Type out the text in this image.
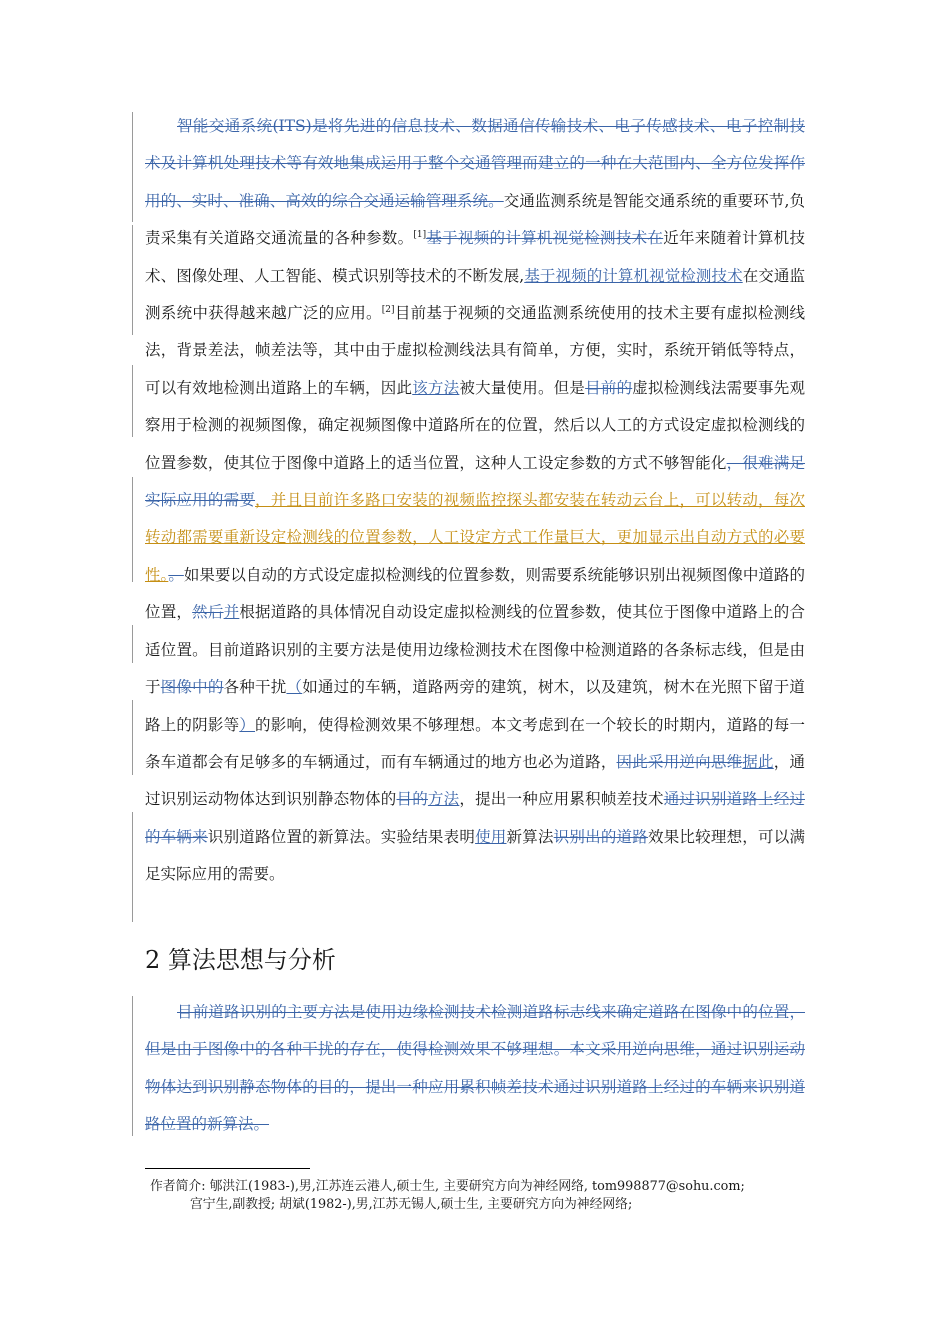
智能交通系统(ITS)是将先进的信息技术、数据通信传输技术、电子传感技术、电子控制技术及计算机处理技术等有效地集成运用于整个交通管理而建立的一种在大范围内、全方位发挥作用的、实时、准确、高效的综合交通运输管理系统。交通监测系统是智能交通系统的重要环节,负责采集有关道路交通流量的各种参数。[1]基于视频的计算机视觉检测技术在近年来随着计算机技术、图像处理、人工智能、模式识别等技术的不断发展,基于视频的计算机视觉检测技术在交通监测系统中获得越来越广泛的应用。[2]目前基于视频的交通监测系统使用的技术主要有虚拟检测线法，背景差法，帧差法等，其中由于虚拟检测线法具有简单，方便，实时，系统开销低等特点，可以有效地检测出道路上的车辆，因此该方法被大量使用。但是目前的虚拟检测线法需要事先观察用于检测的视频图像，确定视频图像中道路所在的位置，然后以人工的方式设定虚拟检测线的位置参数，使其位于图像中道路上的适当位置，这种人工设定参数的方式不够智能化，很难满足实际应用的需要，并且目前许多路口安装的视频监控探头都安装在转动云台上，可以转动，每次转动都需要重新设定检测线的位置参数，人工设定方式工作量巨大，更加显示出自动方式的必要性。。如果要以自动的方式设定虚拟检测线的位置参数，则需要系统能够识别出视频图像中道路的位置，然后并根据道路的具体情况自动设定虚拟检测线的位置参数，使其位于图像中道路上的合适位置。目前道路识别的主要方法是使用边缘检测技术在图像中检测道路的各条标志线，但是由于图像中的各种干扰（如通过的车辆，道路两旁的建筑，树木，以及建筑，树木在光照下留于道路上的阴影等）的影响，使得检测效果不够理想。本文考虑到在一个较长的时期内，道路的每一条车道都会有足够多的车辆通过，而有车辆通过的地方也必为道路，因此采用逆向思维据此，通过识别运动物体达到识别静态物体的目的方法，提出一种应用累积帧差技术通过识别道路上经过的车辆来识别道路位置的新算法。实验结果表明使用新算法识别出的道路效果比较理想，可以满足实际应用的需要。

2 算法思想与分析

目前道路识别的主要方法是使用边缘检测技术检测道路标志线来确定道路在图像中的位置，但是由于图像中的各种干扰的存在，使得检测效果不够理想。本文采用逆向思维，通过识别运动物体达到识别静态物体的目的，提出一种应用累积帧差技术通过识别道路上经过的车辆来识别道路位置的新算法。

作者简介: 郇洪江(1983-),男,江苏连云港人,硕士生, 主要研究方向为神经网络, tom998877@sohu.com;
宫宁生,副教授; 胡斌(1982-),男,江苏无锡人,硕士生, 主要研究方向为神经网络;
